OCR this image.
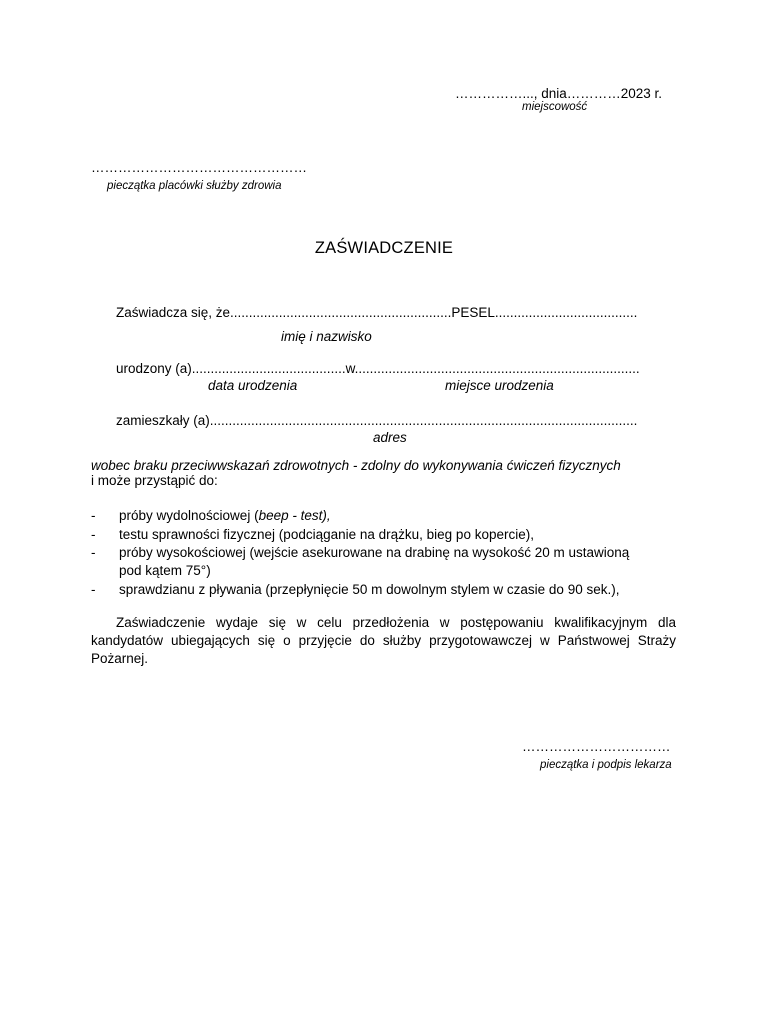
……………..., dnia…………2023 r.
miejscowość
…………………………………………
pieczątka placówki służby zdrowia
ZAŚWIADCZENIE
Zaświadcza się, że...........................................................PESEL......................................
imię i nazwisko
urodzony (a).........................................w............................................................................
data urodzenia	miejsce urodzenia
zamieszkały (a)..................................................................................................................
adres
wobec braku przeciwwskazań zdrowotnych - zdolny do wykonywania ćwiczeń fizycznych
i może przystąpić do:
- próby wydolnościowej (beep - test),
- testu sprawności fizycznej (podciąganie na drążku, bieg po kopercie),
- próby wysokościowej (wejście asekurowane na drabinę na wysokość 20 m ustawioną
pod kątem 75°)
- sprawdzianu z pływania (przepłynięcie 50 m dowolnym stylem w czasie do 90 sek.),
Zaświadczenie wydaje się w celu przedłożenia w postępowaniu kwalifikacyjnym dla kandydatów ubiegających się o przyjęcie do służby przygotowawczej w Państwowej Straży Pożarnej.
……………………………
pieczątka i podpis lekarza
